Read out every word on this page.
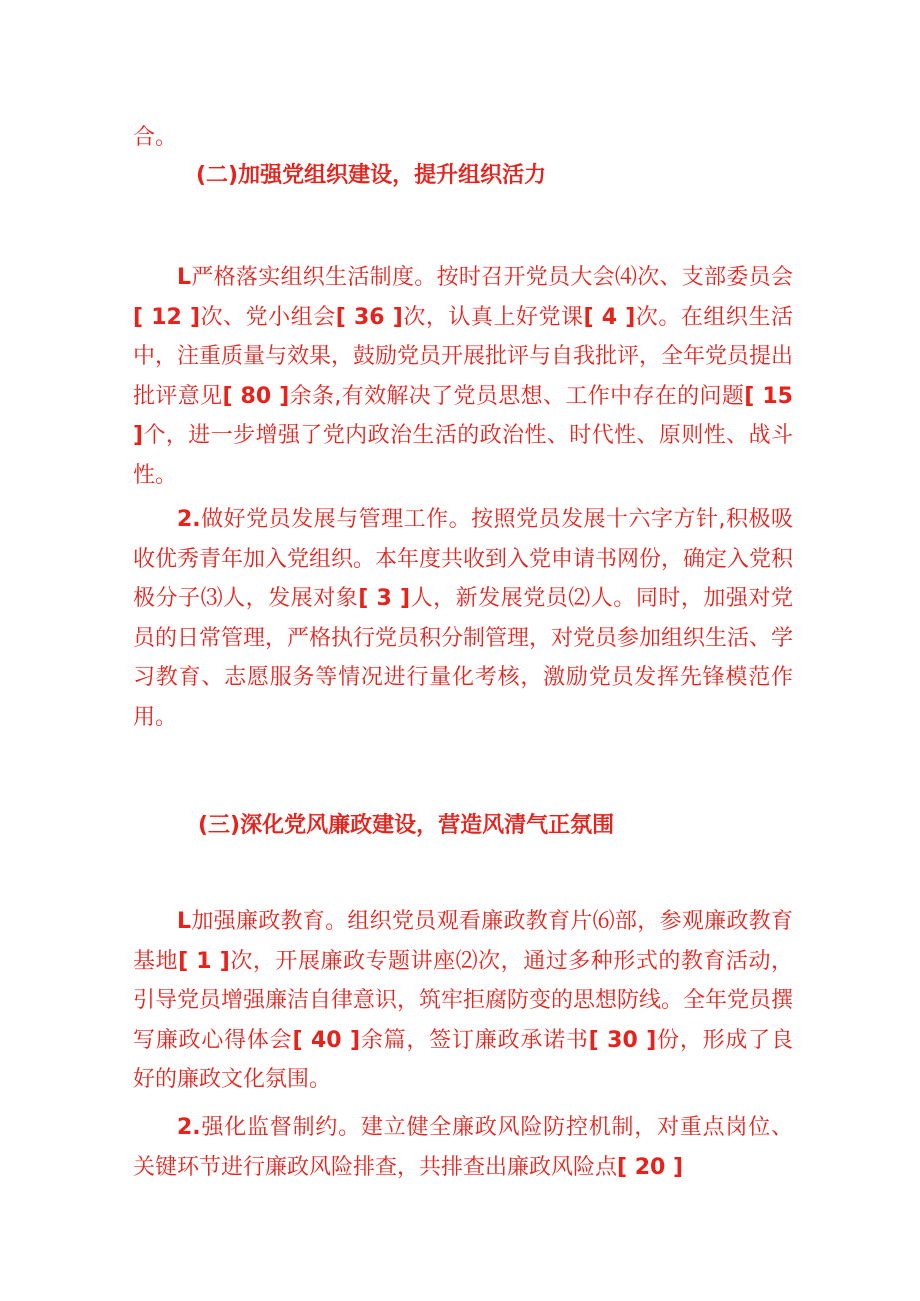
合。

(二)加强党组织建设，提升组织活力

L严格落实组织生活制度。按时召开党员大会⑷次、支部委员会[ 12 ]次、党小组会[ 36 ]次，认真上好党课[ 4 ]次。在组织生活中，注重质量与效果，鼓励党员开展批评与自我批评，全年党员提出批评意见[ 80 ]余条,有效解决了党员思想、工作中存在的问题[ 15 ]个，进一步增强了党内政治生活的政治性、时代性、原则性、战斗性。

2.做好党员发展与管理工作。按照党员发展十六字方针,积极吸收优秀青年加入党组织。本年度共收到入党申请书网份，确定入党积极分子⑶人，发展对象[ 3 ]人，新发展党员⑵人。同时，加强对党员的日常管理，严格执行党员积分制管理，对党员参加组织生活、学习教育、志愿服务等情况进行量化考核，激励党员发挥先锋模范作用。

(三)深化党风廉政建设，营造风清气正氛围

L加强廉政教育。组织党员观看廉政教育片⑹部，参观廉政教育基地[ 1 ]次，开展廉政专题讲座⑵次，通过多种形式的教育活动，引导党员增强廉洁自律意识，筑牢拒腐防变的思想防线。全年党员撰写廉政心得体会[ 40 ]余篇，签订廉政承诺书[ 30 ]份，形成了良好的廉政文化氛围。

2.强化监督制约。建立健全廉政风险防控机制，对重点岗位、关键环节进行廉政风险排查，共排查出廉政风险点[ 20 ]
